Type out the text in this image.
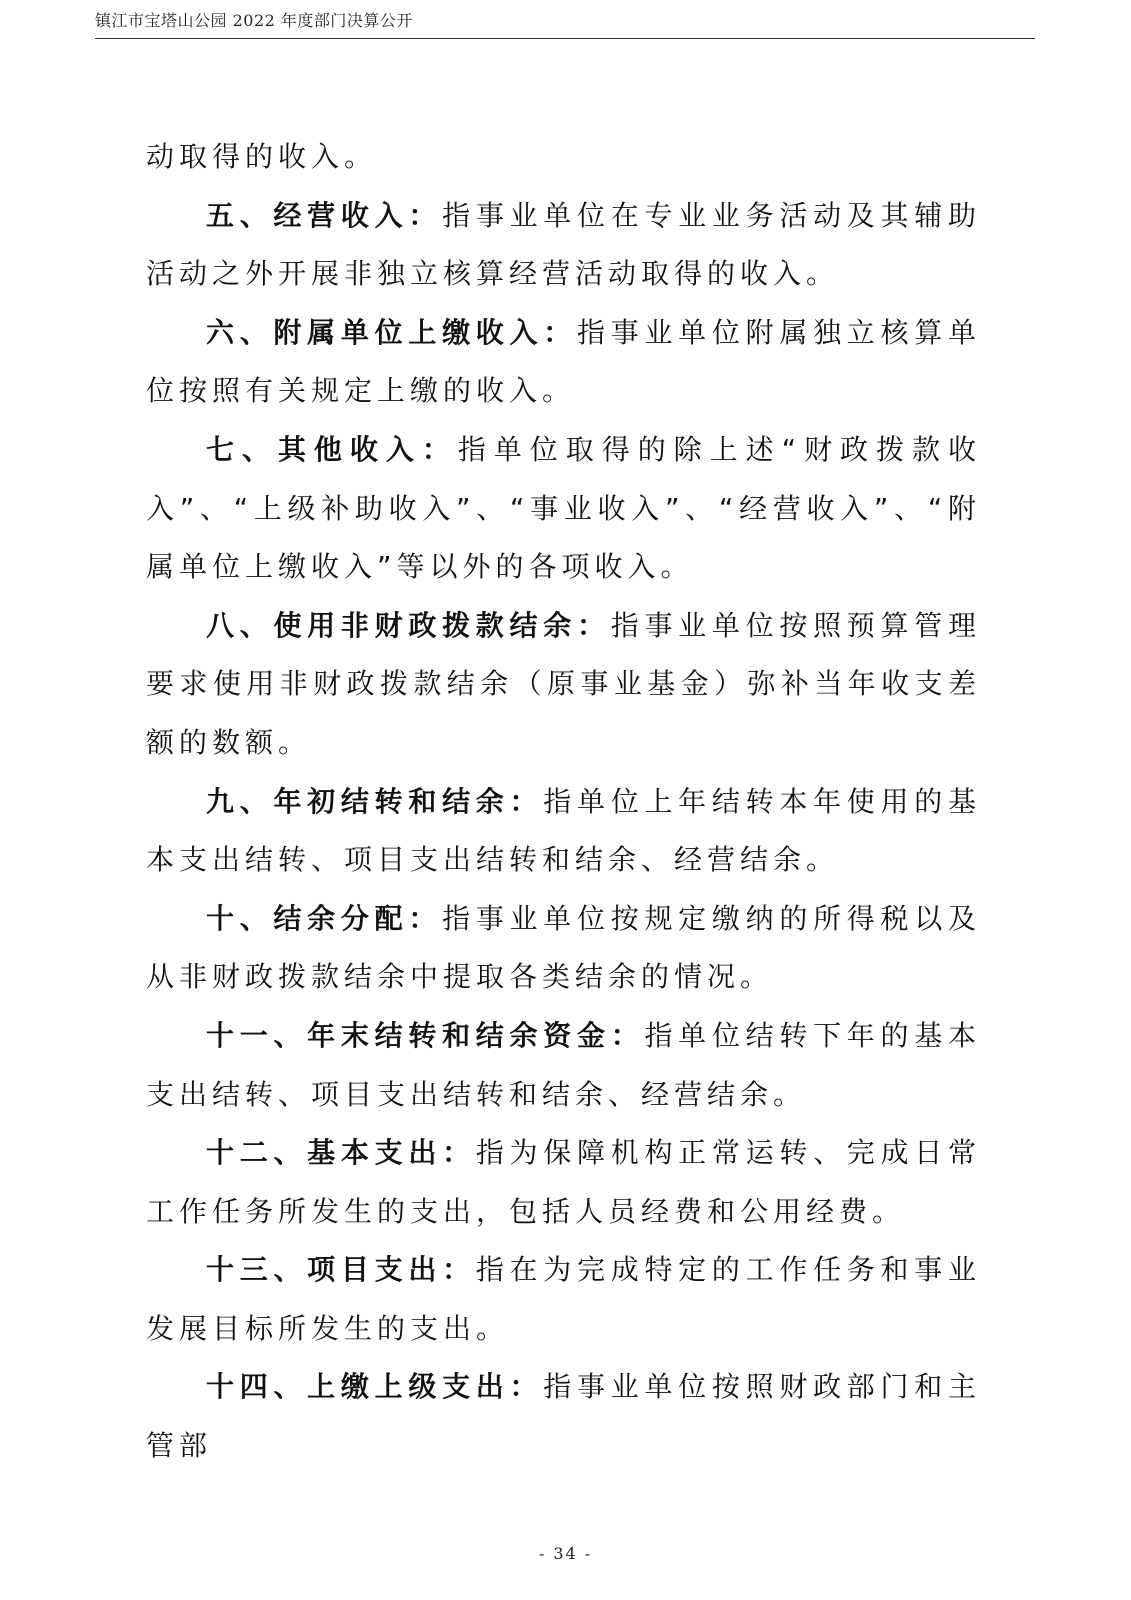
镇江市宝塔山公园 2022 年度部门决算公开

动取得的收入。

五、经营收入：指事业单位在专业业务活动及其辅助活动之外开展非独立核算经营活动取得的收入。

六、附属单位上缴收入：指事业单位附属独立核算单位按照有关规定上缴的收入。

七、其他收入：指单位取得的除上述“财政拨款收入”、“上级补助收入”、“事业收入”、“经营收入”、“附属单位上缴收入”等以外的各项收入。

八、使用非财政拨款结余：指事业单位按照预算管理要求使用非财政拨款结余（原事业基金）弥补当年收支差额的数额。

九、年初结转和结余：指单位上年结转本年使用的基本支出结转、项目支出结转和结余、经营结余。

十、结余分配：指事业单位按规定缴纳的所得税以及从非财政拨款结余中提取各类结余的情况。

十一、年末结转和结余资金：指单位结转下年的基本支出结转、项目支出结转和结余、经营结余。

十二、基本支出：指为保障机构正常运转、完成日常工作任务所发生的支出，包括人员经费和公用经费。

十三、项目支出：指在为完成特定的工作任务和事业发展目标所发生的支出。

十四、上缴上级支出：指事业单位按照财政部门和主管部

- 34 -
